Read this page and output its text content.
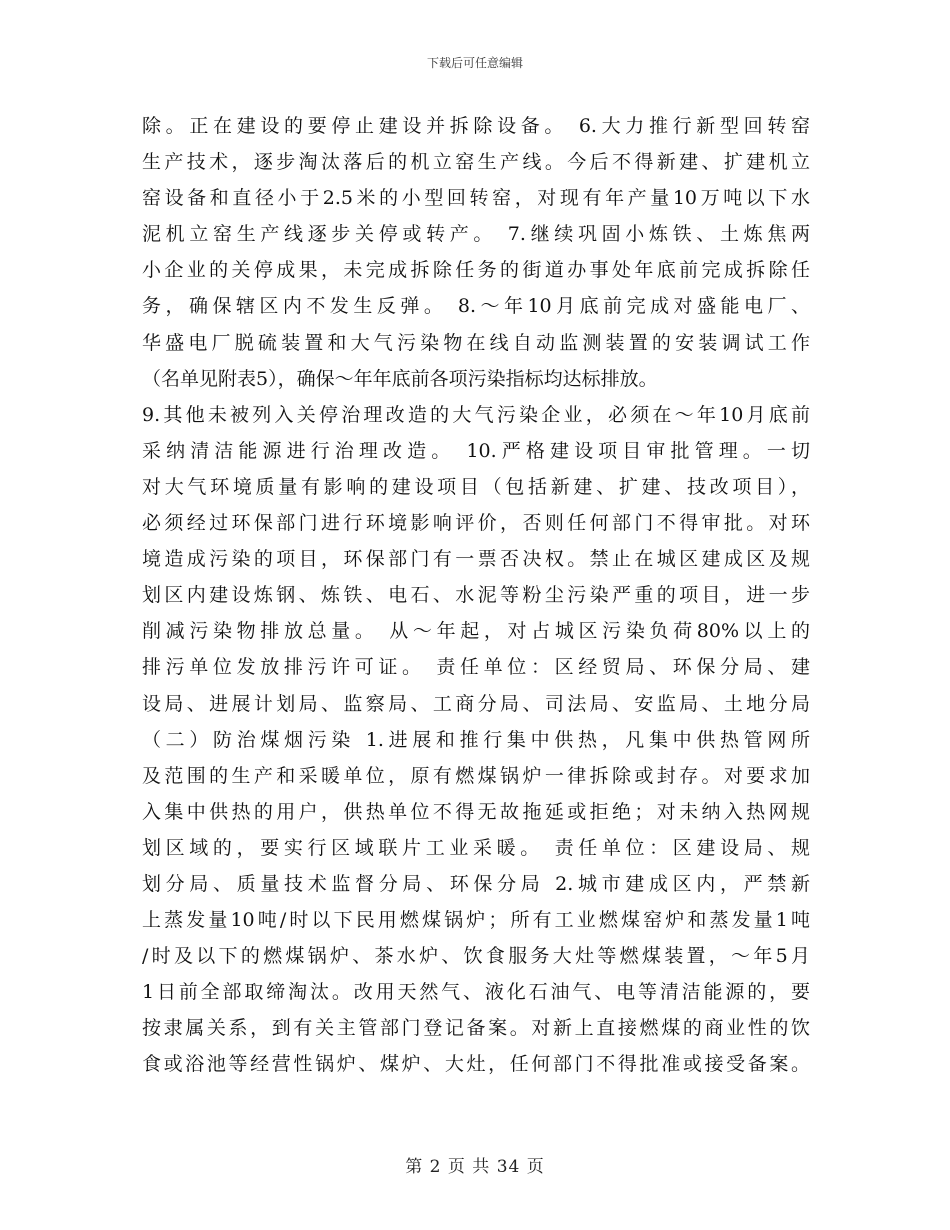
下载后可任意编辑
除。正在建设的要停止建设并拆除设备。 6.大力推行新型回转窑
生产技术，逐步淘汰落后的机立窑生产线。今后不得新建、扩建机立
窑设备和直径小于2.5米的小型回转窑，对现有年产量10万吨以下水
泥机立窑生产线逐步关停或转产。 7.继续巩固小炼铁、土炼焦两
小企业的关停成果，未完成拆除任务的街道办事处年底前完成拆除任
务，确保辖区内不发生反弹。 8.～年10月底前完成对盛能电厂、
华盛电厂脱硫装置和大气污染物在线自动监测装置的安装调试工作
（名单见附表5），确保～年年底前各项污染指标均达标排放。
9.其他未被列入关停治理改造的大气污染企业，必须在～年10月底前
采纳清洁能源进行治理改造。 10.严格建设项目审批管理。一切
对大气环境质量有影响的建设项目（包括新建、扩建、技改项目），
必须经过环保部门进行环境影响评价，否则任何部门不得审批。对环
境造成污染的项目，环保部门有一票否决权。禁止在城区建成区及规
划区内建设炼钢、炼铁、电石、水泥等粉尘污染严重的项目，进一步
削减污染物排放总量。 从～年起，对占城区污染负荷80%以上的
排污单位发放排污许可证。 责任单位：区经贸局、环保分局、建
设局、进展计划局、监察局、工商分局、司法局、安监局、土地分局
（二）防治煤烟污染 1.进展和推行集中供热，凡集中供热管网所
及范围的生产和采暖单位，原有燃煤锅炉一律拆除或封存。对要求加
入集中供热的用户，供热单位不得无故拖延或拒绝；对未纳入热网规
划区域的，要实行区域联片工业采暖。 责任单位：区建设局、规
划分局、质量技术监督分局、环保分局 2.城市建成区内，严禁新
上蒸发量10吨/时以下民用燃煤锅炉；所有工业燃煤窑炉和蒸发量1吨
/时及以下的燃煤锅炉、茶水炉、饮食服务大灶等燃煤装置，～年5月
1日前全部取缔淘汰。改用天然气、液化石油气、电等清洁能源的，要
按隶属关系，到有关主管部门登记备案。对新上直接燃煤的商业性的饮
食或浴池等经营性锅炉、煤炉、大灶，任何部门不得批准或接受备案。
第 2 页 共 34 页
